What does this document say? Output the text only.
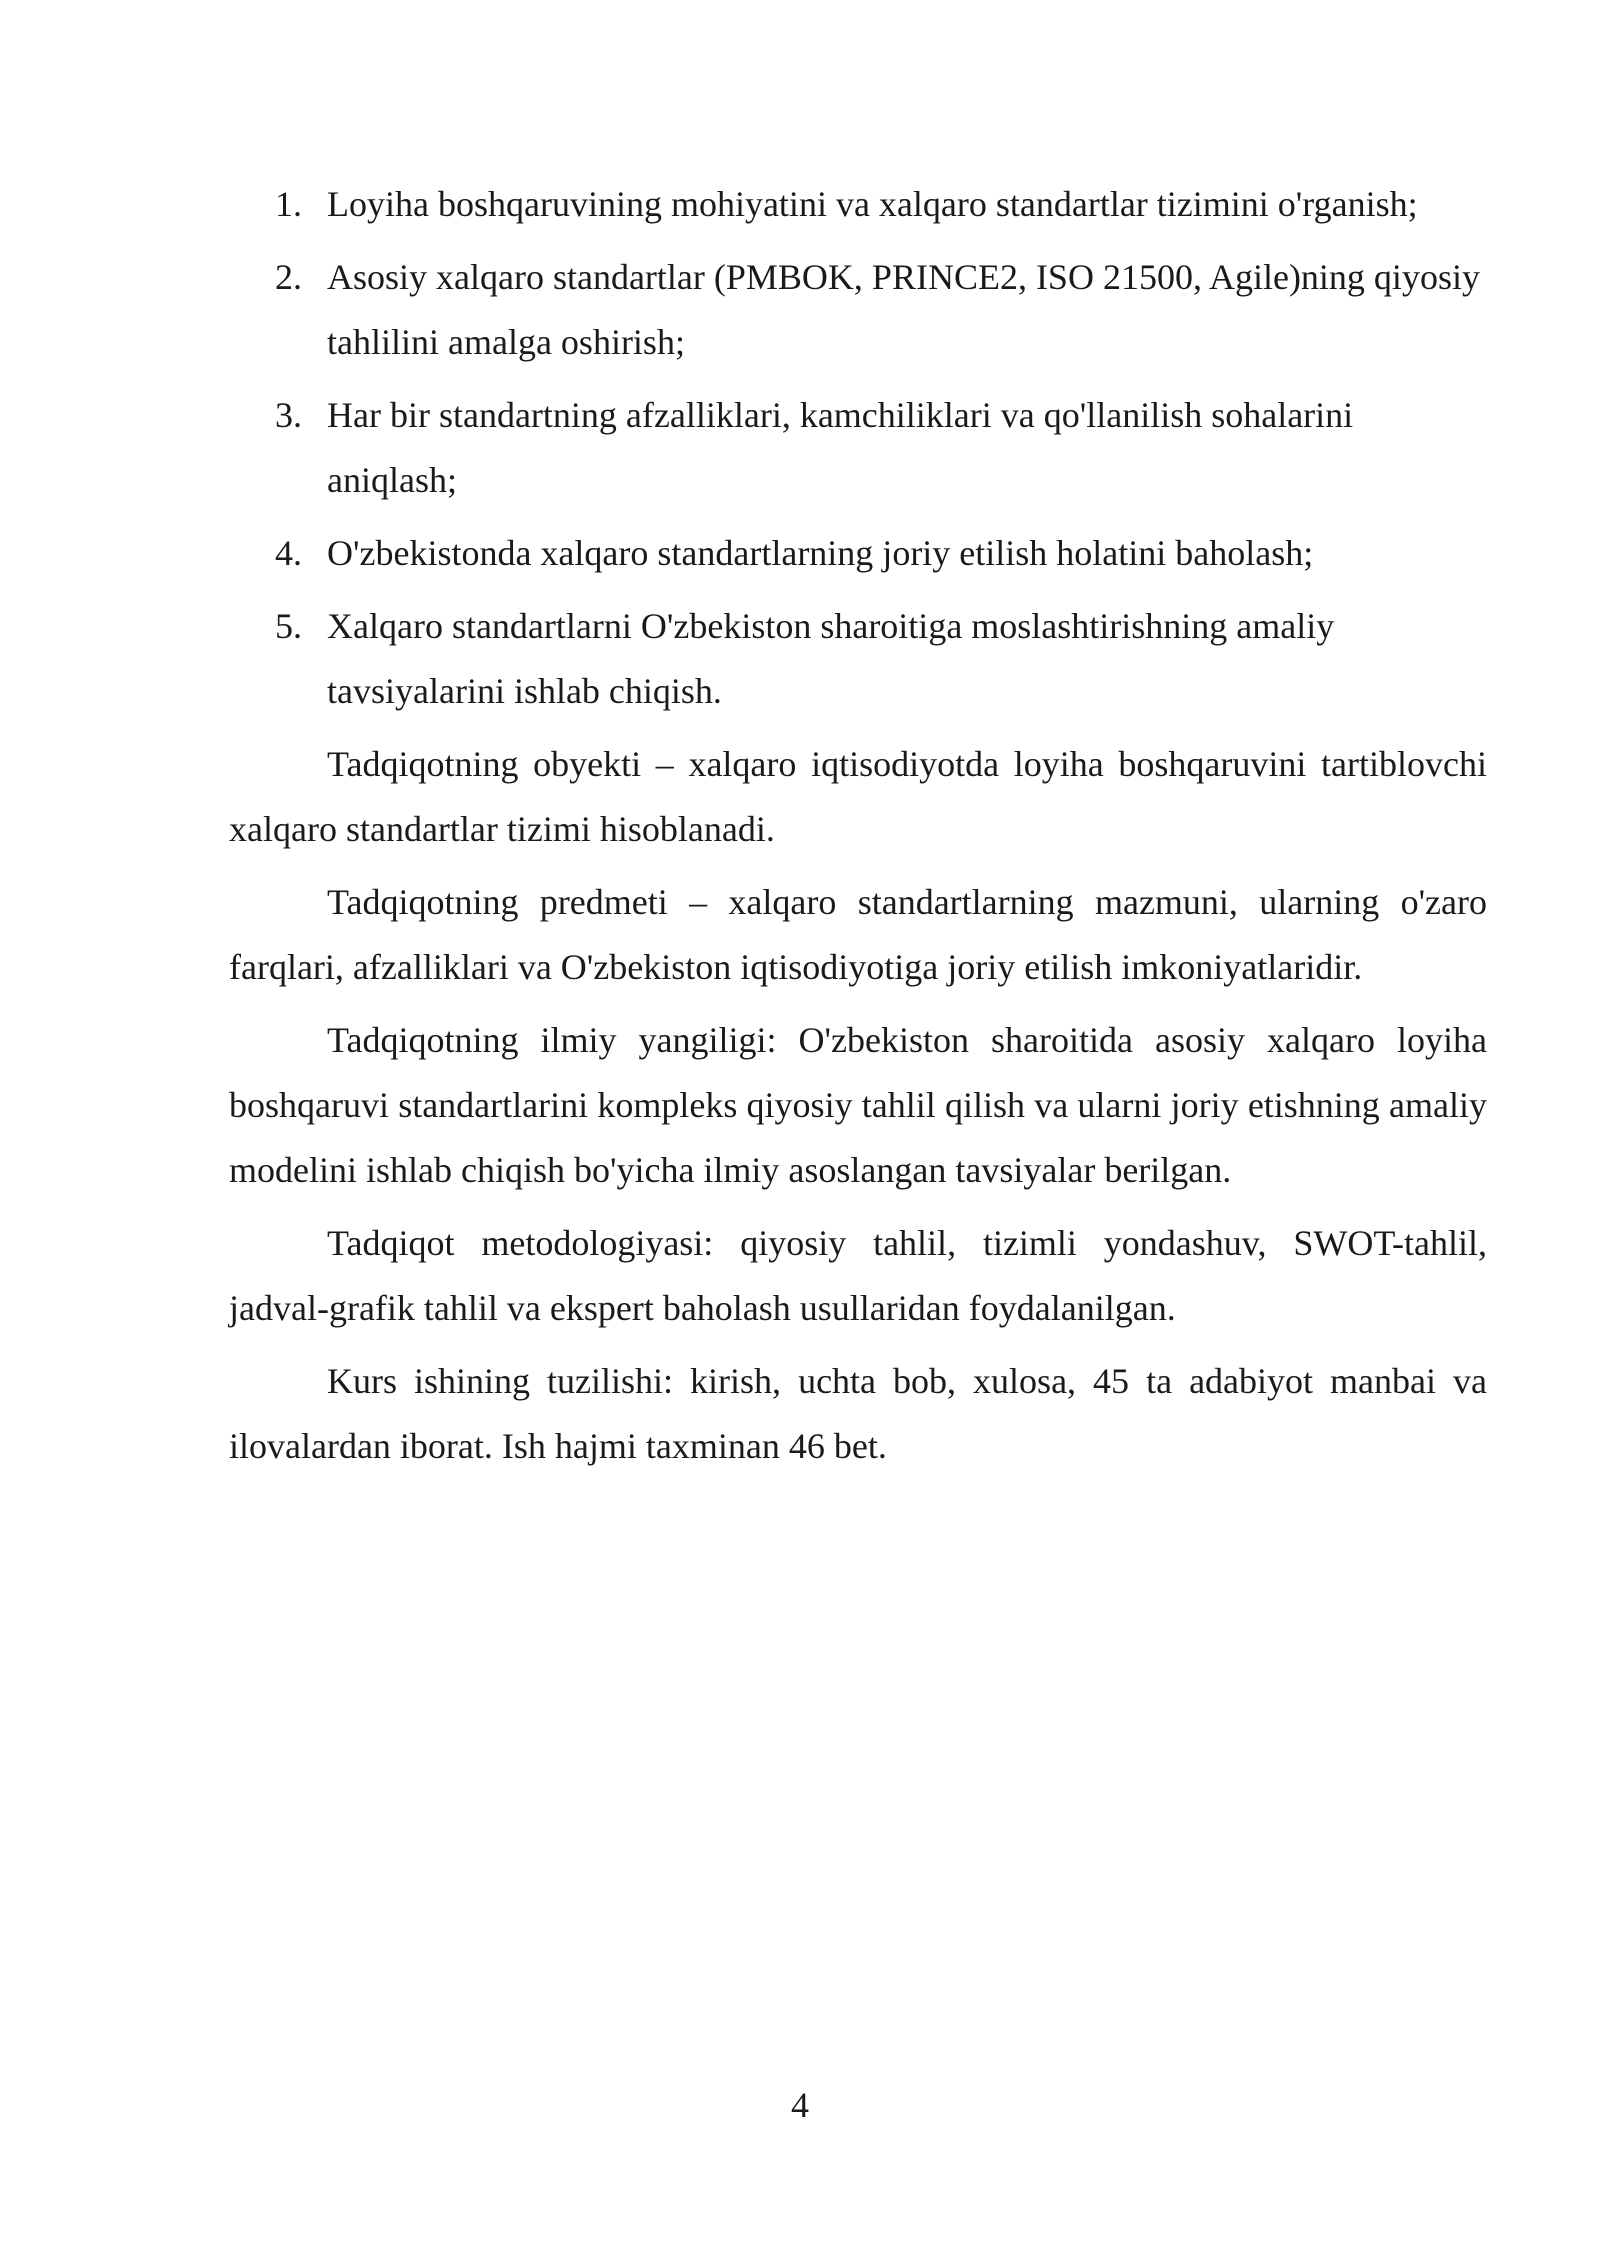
1. Loyiha boshqaruvining mohiyatini va xalqaro standartlar tizimini o'rganish;
2. Asosiy xalqaro standartlar (PMBOK, PRINCE2, ISO 21500, Agile)ning qiyosiy tahlilini amalga oshirish;
3. Har bir standartning afzalliklari, kamchiliklari va qo'llanilish sohalarini aniqlash;
4. O'zbekistonda xalqaro standartlarning joriy etilish holatini baholash;
5. Xalqaro standartlarni O'zbekiston sharoitiga moslashtirishning amaliy tavsiyalarini ishlab chiqish.

Tadqiqotning obyekti – xalqaro iqtisodiyotda loyiha boshqaruvini tartiblovchi xalqaro standartlar tizimi hisoblanadi.

Tadqiqotning predmeti – xalqaro standartlarning mazmuni, ularning o'zaro farqlari, afzalliklari va O'zbekiston iqtisodiyotiga joriy etilish imkoniyatlaridir.

Tadqiqotning ilmiy yangiligi: O'zbekiston sharoitida asosiy xalqaro loyiha boshqaruvi standartlarini kompleks qiyosiy tahlil qilish va ularni joriy etishning amaliy modelini ishlab chiqish bo'yicha ilmiy asoslangan tavsiyalar berilgan.

Tadqiqot metodologiyasi: qiyosiy tahlil, tizimli yondashuv, SWOT-tahlil, jadval-grafik tahlil va ekspert baholash usullaridan foydalanilgan.

Kurs ishining tuzilishi: kirish, uchta bob, xulosa, 45 ta adabiyot manbai va ilovalardan iborat. Ish hajmi taxminan 46 bet.

4
